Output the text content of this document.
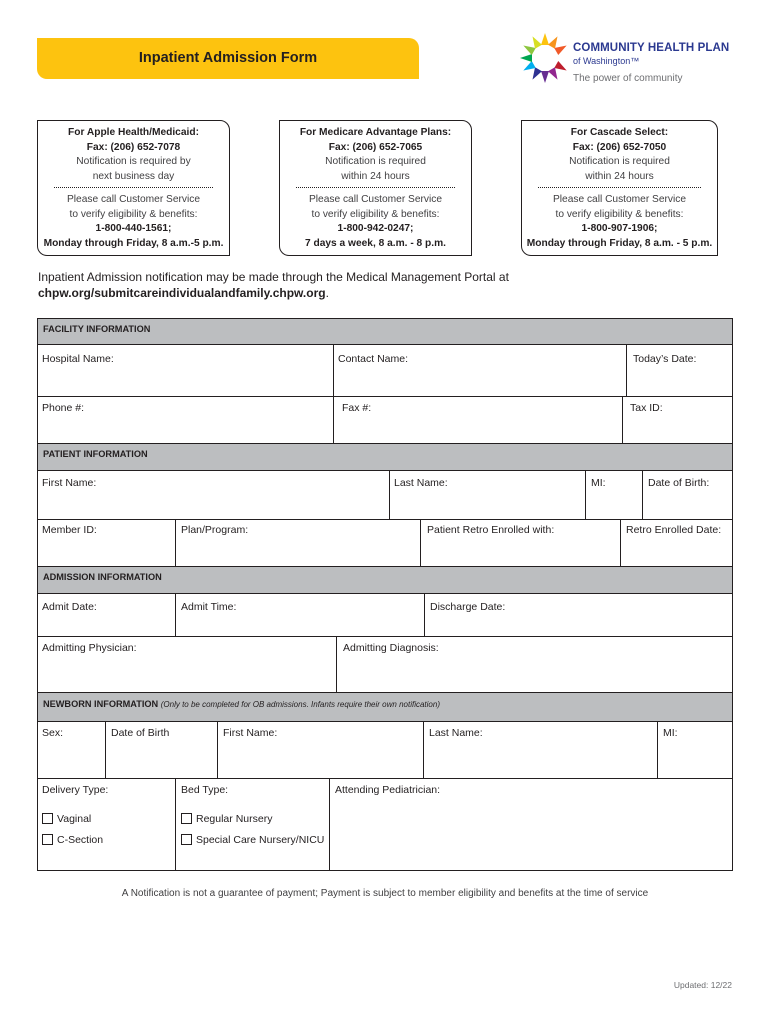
Inpatient Admission Form
COMMUNITY HEALTH PLAN
of Washington™
The power of community
For Apple Health/Medicaid:
Fax: (206) 652-7078
Notification is required by
next business day
Please call Customer Service
to verify eligibility & benefits:
1-800-440-1561;
Monday through Friday, 8 a.m.-5 p.m.
For Medicare Advantage Plans:
Fax: (206) 652-7065
Notification is required
within 24 hours
Please call Customer Service
to verify eligibility & benefits:
1-800-942-0247;
7 days a week, 8 a.m. - 8 p.m.
For Cascade Select:
Fax: (206) 652-7050
Notification is required
within 24 hours
Please call Customer Service
to verify eligibility & benefits:
1-800-907-1906;
Monday through Friday, 8 a.m. - 5 p.m.
Inpatient Admission notification may be made through the Medical Management Portal at
chpw.org/submitcareindividualandfamily.chpw.org.
FACILITY INFORMATION
Hospital Name:	Contact Name:	Today’s Date:
Phone #:	Fax #:	Tax ID:
PATIENT INFORMATION
First Name:	Last Name:	MI:	Date of Birth:
Member ID:	Plan/Program:	Patient Retro Enrolled with:	Retro Enrolled Date:
ADMISSION INFORMATION
Admit Date:	Admit Time:	Discharge Date:
Admitting Physician:	Admitting Diagnosis:
NEWBORN INFORMATION (Only to be completed for OB admissions. Infants require their own notification)
Sex:	Date of Birth	First Name:	Last Name:	MI:
Delivery Type:	Bed Type:	Attending Pediatrician:
Vaginal
C-Section
Regular Nursery
Special Care Nursery/NICU
A Notification is not a guarantee of payment; Payment is subject to member eligibility and benefits at the time of service
Updated: 12/22
